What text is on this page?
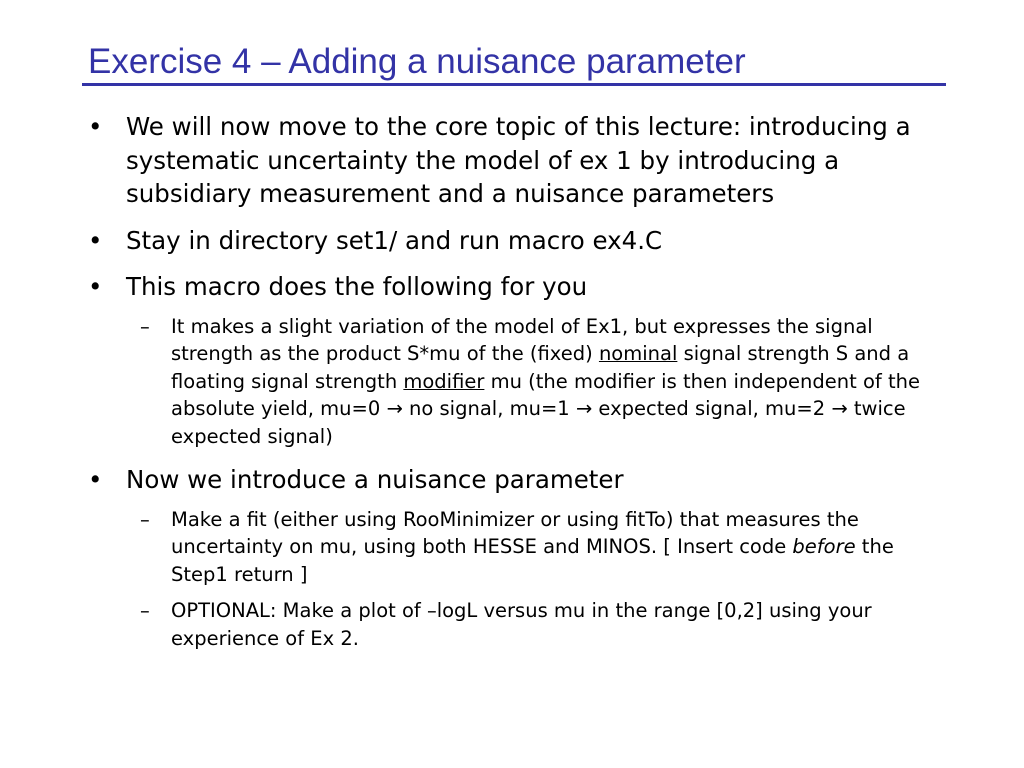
Exercise 4 – Adding a nuisance parameter
• We will now move to the core topic of this lecture: introducing a systematic uncertainty the model of ex 1 by introducing a subsidiary measurement and a nuisance parameters
• Stay in directory set1/ and run macro ex4.C
• This macro does the following for you
– It makes a slight variation of the model of Ex1, but expresses the signal strength as the product S*mu of the (fixed) nominal signal strength S and a floating signal strength modifier mu (the modifier is then independent of the absolute yield, mu=0 → no signal, mu=1 → expected signal, mu=2 → twice expected signal)
• Now we introduce a nuisance parameter
– Make a fit (either using RooMinimizer or using fitTo) that measures the uncertainty on mu, using both HESSE and MINOS. [ Insert code before the Step1 return ]
– OPTIONAL: Make a plot of –logL versus mu in the range [0,2] using your experience of Ex 2.
